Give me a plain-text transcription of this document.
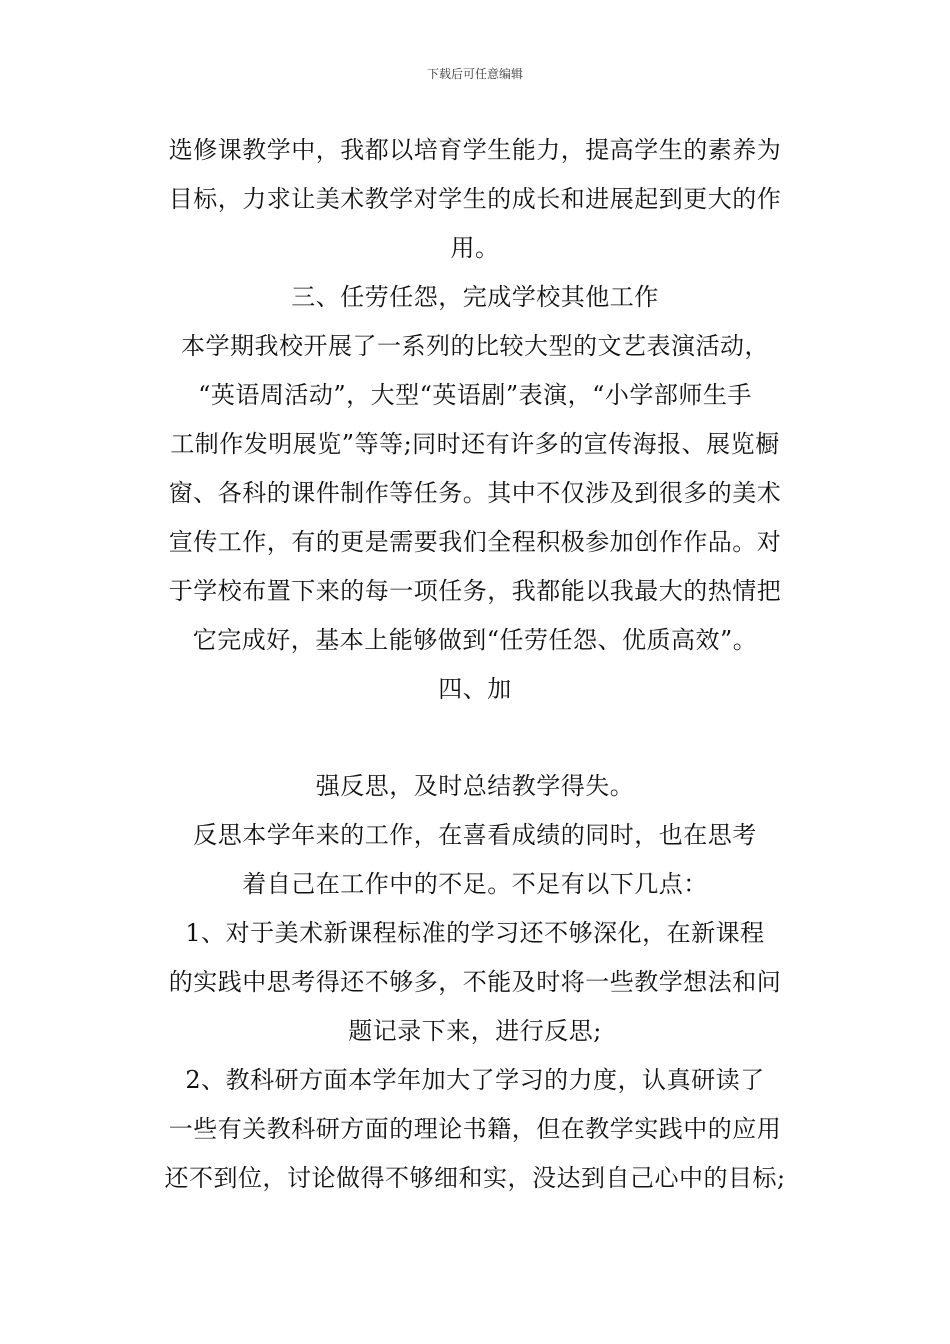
下载后可任意编辑
选修课教学中，我都以培育学生能力，提高学生的素养为
目标，力求让美术教学对学生的成长和进展起到更大的作
用。
三、任劳任怨，完成学校其他工作
本学期我校开展了一系列的比较大型的文艺表演活动，
“英语周活动”，大型“英语剧”表演，“小学部师生手
工制作发明展览”等等;同时还有许多的宣传海报、展览橱
窗、各科的课件制作等任务。其中不仅涉及到很多的美术
宣传工作，有的更是需要我们全程积极参加创作作品。对
于学校布置下来的每一项任务，我都能以我最大的热情把
它完成好，基本上能够做到“任劳任怨、优质高效”。
四、加
强反思，及时总结教学得失。
反思本学年来的工作，在喜看成绩的同时，也在思考
着自己在工作中的不足。不足有以下几点：
1、对于美术新课程标准的学习还不够深化，在新课程
的实践中思考得还不够多，不能及时将一些教学想法和问
题记录下来，进行反思;
2、教科研方面本学年加大了学习的力度，认真研读了
一些有关教科研方面的理论书籍，但在教学实践中的应用
还不到位，讨论做得不够细和实，没达到自己心中的目标;
